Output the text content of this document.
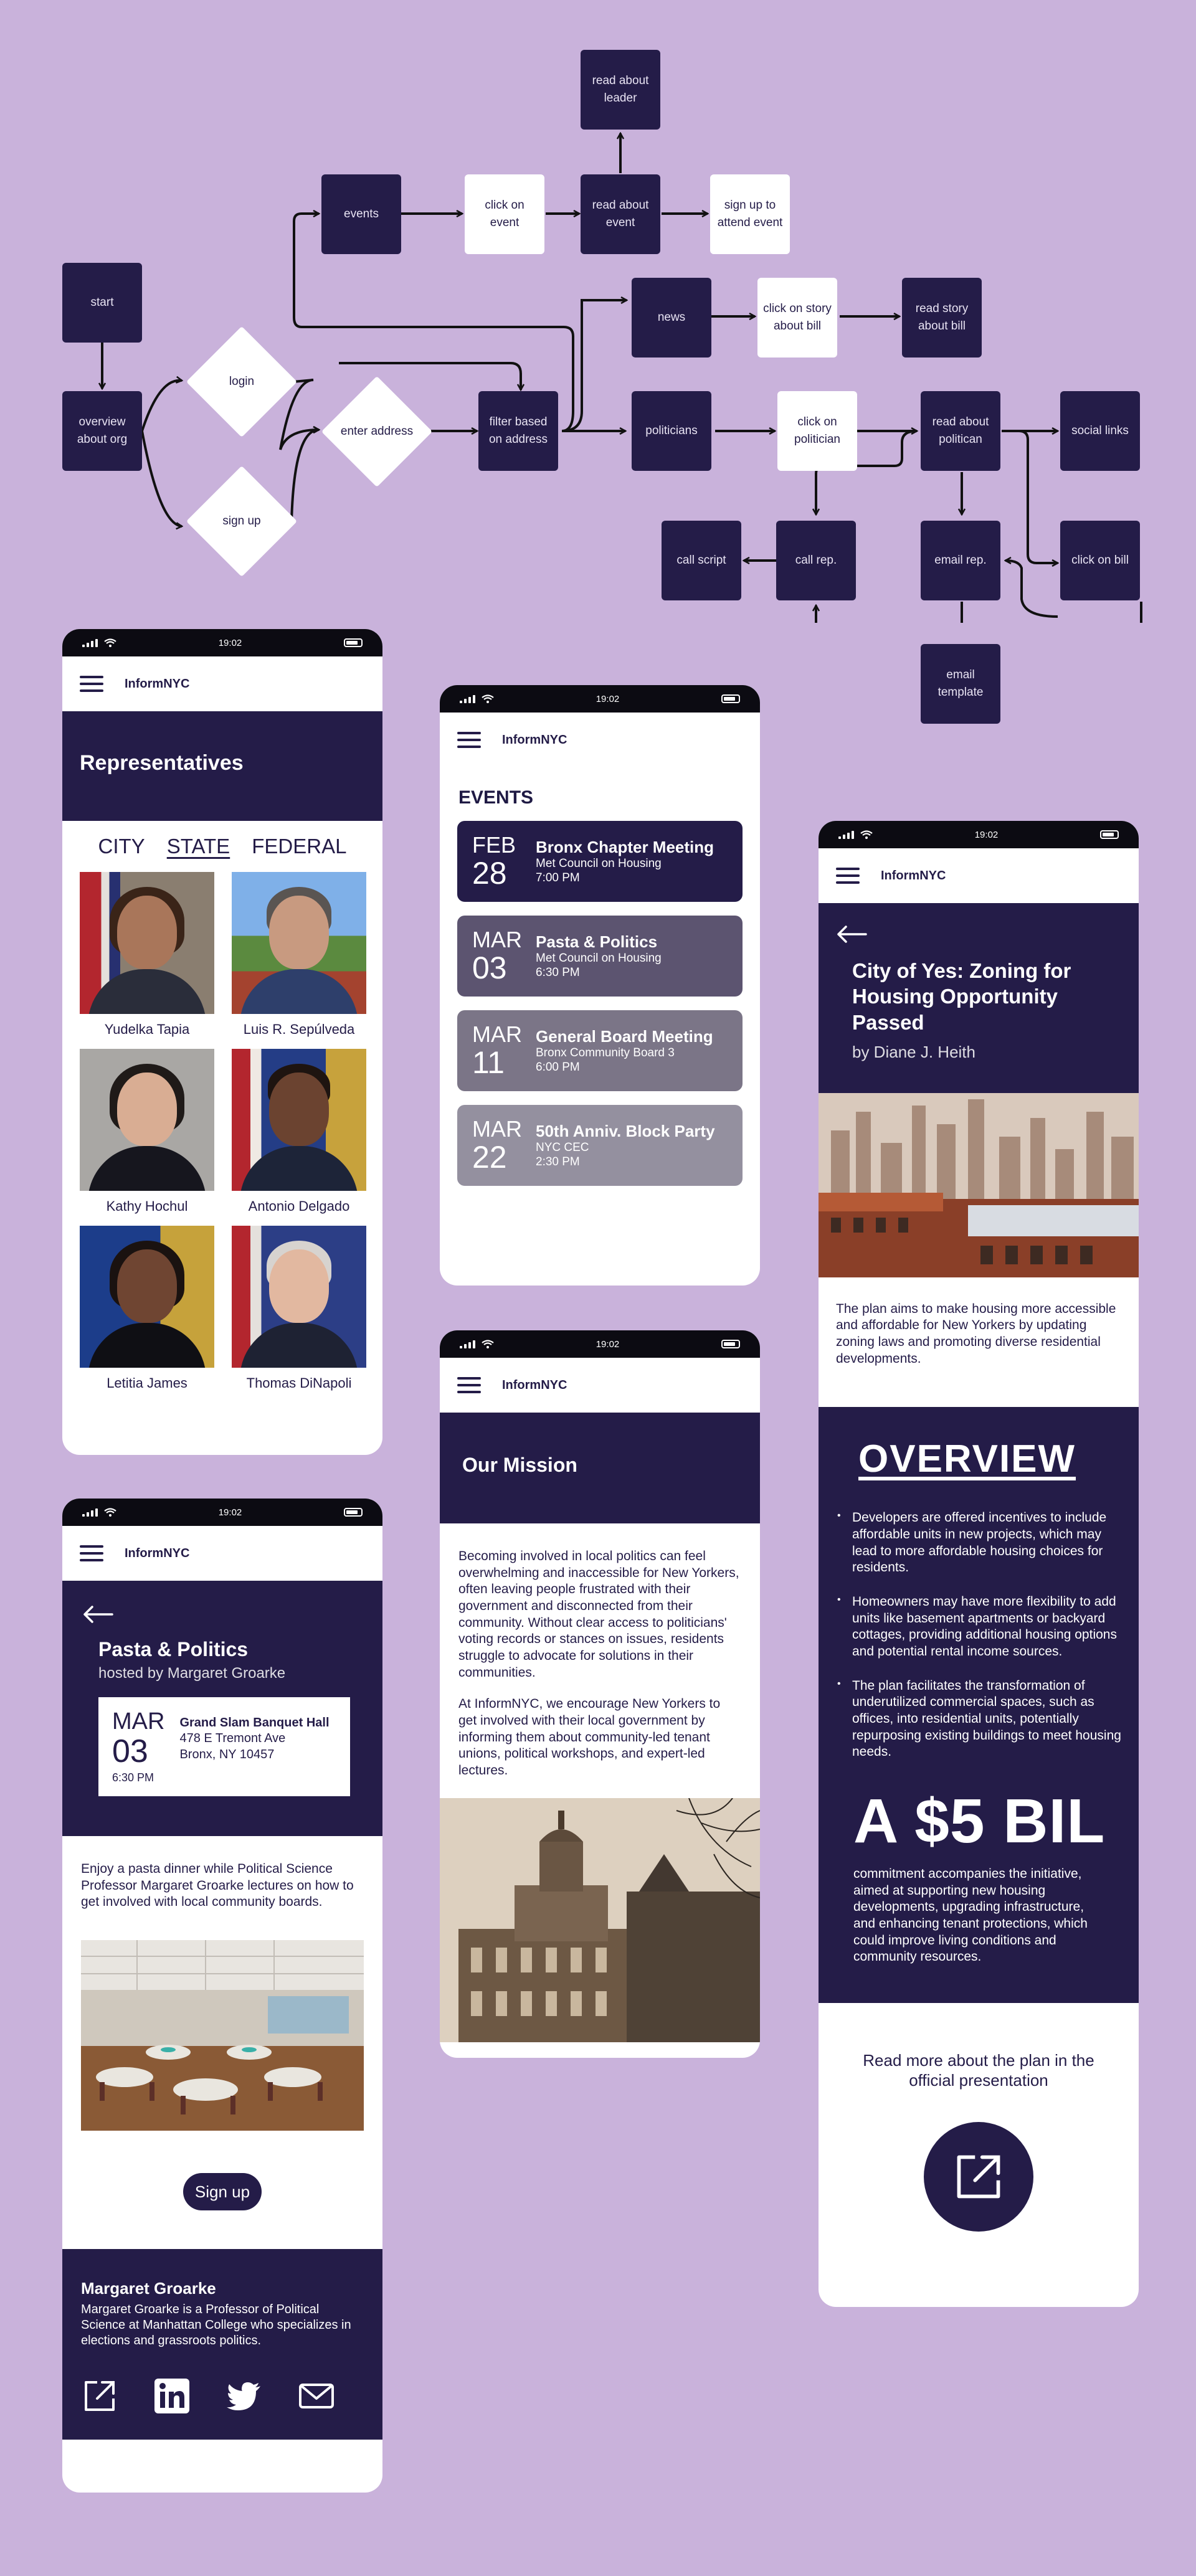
start
overview about org
login
sign up
enter address
filter based on address
events
click on event
read about event
read about leader
sign up to attend event
news
click on story about bill
read story about bill
politicians
click on politician
read about politican
social links
click on bill
email rep.
call rep.
call script
email template
19:02
InformNYC
Representatives
CITY STATE FEDERAL
Yudelka Tapia	Luis R. Sepúlveda
Kathy Hochul	Antonio Delgado
Letitia James	Thomas DiNapoli
19:02
InformNYC
EVENTS
FEB
28
Bronx Chapter Meeting
Met Council on Housing
7:00 PM
MAR
03
Pasta & Politics
Met Council on Housing
6:30 PM
MAR
11
General Board Meeting
Bronx Community Board 3
6:00 PM
MAR
22
50th Anniv. Block Party
NYC CEC
2:30 PM
19:02
InformNYC
Our Mission

Becoming involved in local politics can feel overwhelming and inaccessible for New Yorkers, often leaving people frustrated with their government and disconnected from their community. Without clear access to politicians' voting records or stances on issues, residents struggle to advocate for solutions in their communities.

At InformNYC, we encourage New Yorkers to get involved with their local government by informing them about community-led tenant unions, political workshops, and expert-led lectures.

19:02
InformNYC
Pasta & Politics
hosted by Margaret Groarke
MAR
03
6:30 PM
Grand Slam Banquet Hall
478 E Tremont Ave
Bronx, NY 10457
Enjoy a pasta dinner while Political Science Professor Margaret Groarke lectures on how to get involved with local community boards.
Sign up
Margaret Groarke
Margaret Groarke is a Professor of Political Science at Manhattan College who specializes in elections and grassroots politics.
19:02
InformNYC
City of Yes: Zoning for Housing Opportunity Passed
by Diane J. Heith
The plan aims to make housing more accessible and affordable for New Yorkers by updating zoning laws and promoting diverse residential developments.
OVERVIEW
• Developers are offered incentives to include affordable units in new projects, which may lead to more affordable housing choices for residents.
• Homeowners may have more flexibility to add units like basement apartments or backyard cottages, providing additional housing options and potential rental income sources.
• The plan facilitates the transformation of underutilized commercial spaces, such as offices, into residential units, potentially repurposing existing buildings to meet housing needs.
A $5 BIL
commitment accompanies the initiative, aimed at supporting new housing developments, upgrading infrastructure, and enhancing tenant protections, which could improve living conditions and community resources.
Read more about the plan in the official presentation
